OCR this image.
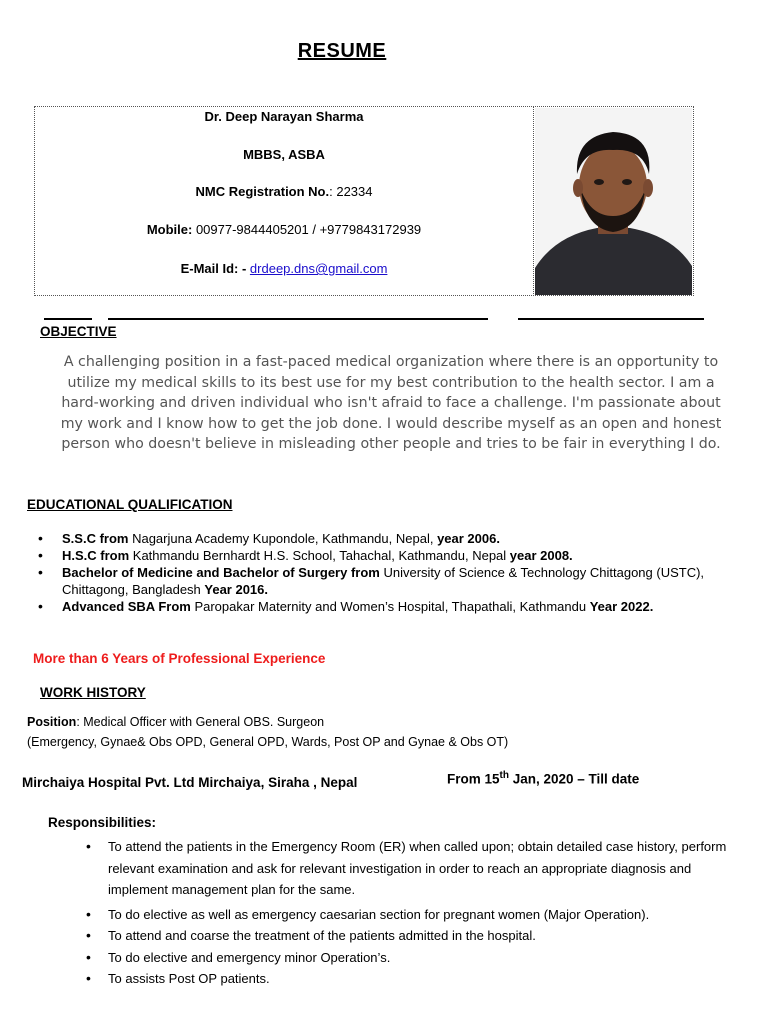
RESUME
Dr. Deep Narayan Sharma
MBBS, ASBA
NMC Registration No.: 22334
Mobile: 00977-9844405201 / +9779843172939
E-Mail Id: - drdeep.dns@gmail.com
OBJECTIVE
A challenging position in a fast-paced medical organization where there is an opportunity to utilize my medical skills to its best use for my best contribution to the health sector. I am a hard-working and driven individual who isn't afraid to face a challenge. I'm passionate about my work and I know how to get the job done. I would describe myself as an open and honest person who doesn't believe in misleading other people and tries to be fair in everything I do.
EDUCATIONAL QUALIFICATION
• S.S.C from Nagarjuna Academy Kupondole, Kathmandu, Nepal, year 2006.
• H.S.C from Kathmandu Bernhardt H.S. School, Tahachal, Kathmandu, Nepal year 2008.
• Bachelor of Medicine and Bachelor of Surgery from University of Science & Technology Chittagong (USTC), Chittagong, Bangladesh Year 2016.
• Advanced SBA From Paropakar Maternity and Women’s Hospital, Thapathali, Kathmandu Year 2022.
More than 6 Years of Professional Experience
WORK HISTORY
Position: Medical Officer with General OBS. Surgeon
(Emergency, Gynae& Obs OPD, General OPD, Wards, Post OP and Gynae & Obs OT)
Mirchaiya Hospital Pvt. Ltd Mirchaiya, Siraha , Nepal	From 15th Jan, 2020 – Till date
Responsibilities:
• To attend the patients in the Emergency Room (ER) when called upon; obtain detailed case history, perform relevant examination and ask for relevant investigation in order to reach an appropriate diagnosis and implement management plan for the same.
• To do elective as well as emergency caesarian section for pregnant women (Major Operation).
• To attend and coarse the treatment of the patients admitted in the hospital.
• To do elective and emergency minor Operation’s.
• To assists Post OP patients.
